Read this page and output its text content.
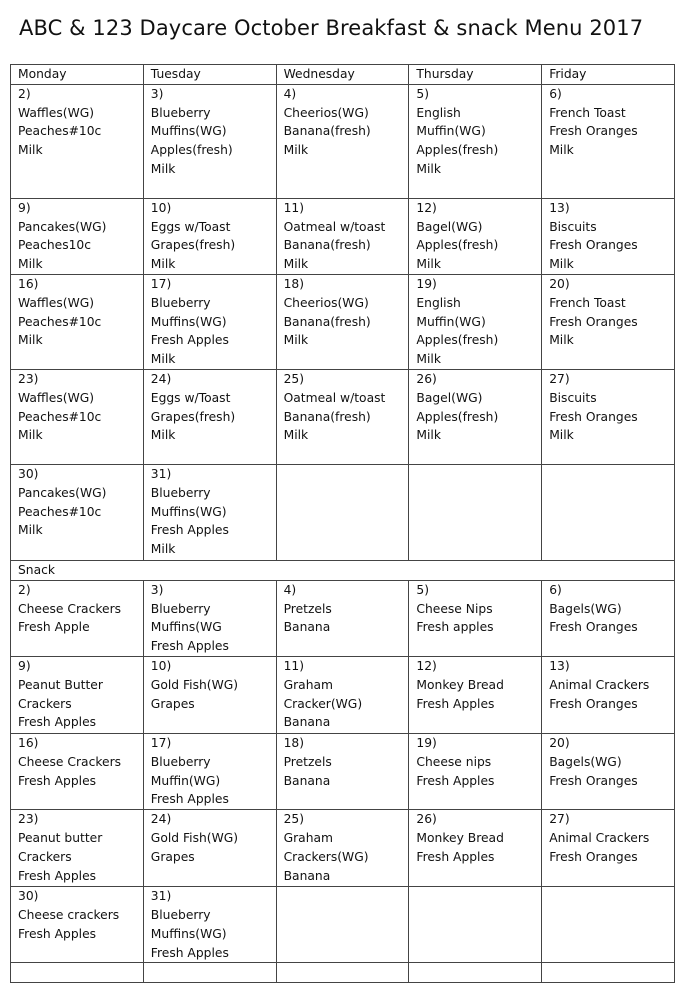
ABC & 123 Daycare October Breakfast & snack Menu 2017
Monday	Tuesday	Wednesday	Thursday	Friday

2)
Waffles(WG)
Peaches#10c
Milk	3)
Blueberry
Muffins(WG)
Apples(fresh)
Milk	4)
Cheerios(WG)
Banana(fresh)
Milk	5)
English
Muffin(WG)
Apples(fresh)
Milk	6)
French Toast
Fresh Oranges
Milk

9)
Pancakes(WG)
Peaches10c
Milk	10)
Eggs w/Toast
Grapes(fresh)
Milk	11)
Oatmeal w/toast
Banana(fresh)
Milk	12)
Bagel(WG)
Apples(fresh)
Milk	13)
Biscuits
Fresh Oranges
Milk

16)
Waffles(WG)
Peaches#10c
Milk	17)
Blueberry
Muffins(WG)
Fresh Apples
Milk	18)
Cheerios(WG)
Banana(fresh)
Milk	19)
English
Muffin(WG)
Apples(fresh)
Milk	20)
French Toast
Fresh Oranges
Milk

23)
Waffles(WG)
Peaches#10c
Milk	24)
Eggs w/Toast
Grapes(fresh)
Milk	25)
Oatmeal w/toast
Banana(fresh)
Milk	26)
Bagel(WG)
Apples(fresh)
Milk	27)
Biscuits
Fresh Oranges
Milk

30)
Pancakes(WG)
Peaches#10c
Milk	31)
Blueberry
Muffins(WG)
Fresh Apples
Milk			

Snack				

2)
Cheese Crackers
Fresh Apple	3)
Blueberry
Muffins(WG
Fresh Apples	4)
Pretzels
Banana	5)
Cheese Nips
Fresh apples	6)
Bagels(WG)
Fresh Oranges

9)
Peanut Butter
Crackers
Fresh Apples	10)
Gold Fish(WG)
Grapes	11)
Graham
Cracker(WG)
Banana	12)
Monkey Bread
Fresh Apples	13)
Animal Crackers
Fresh Oranges

16)
Cheese Crackers
Fresh Apples	17)
Blueberry
Muffin(WG)
Fresh Apples	18)
Pretzels
Banana	19)
Cheese nips
Fresh Apples	20)
Bagels(WG)
Fresh Oranges

23)
Peanut butter
Crackers
Fresh Apples	24)
Gold Fish(WG)
Grapes	25)
Graham
Crackers(WG)
Banana	26)
Monkey Bread
Fresh Apples	27)
Animal Crackers
Fresh Oranges

30)
Cheese crackers
Fresh Apples	31)
Blueberry
Muffins(WG)
Fresh Apples			
